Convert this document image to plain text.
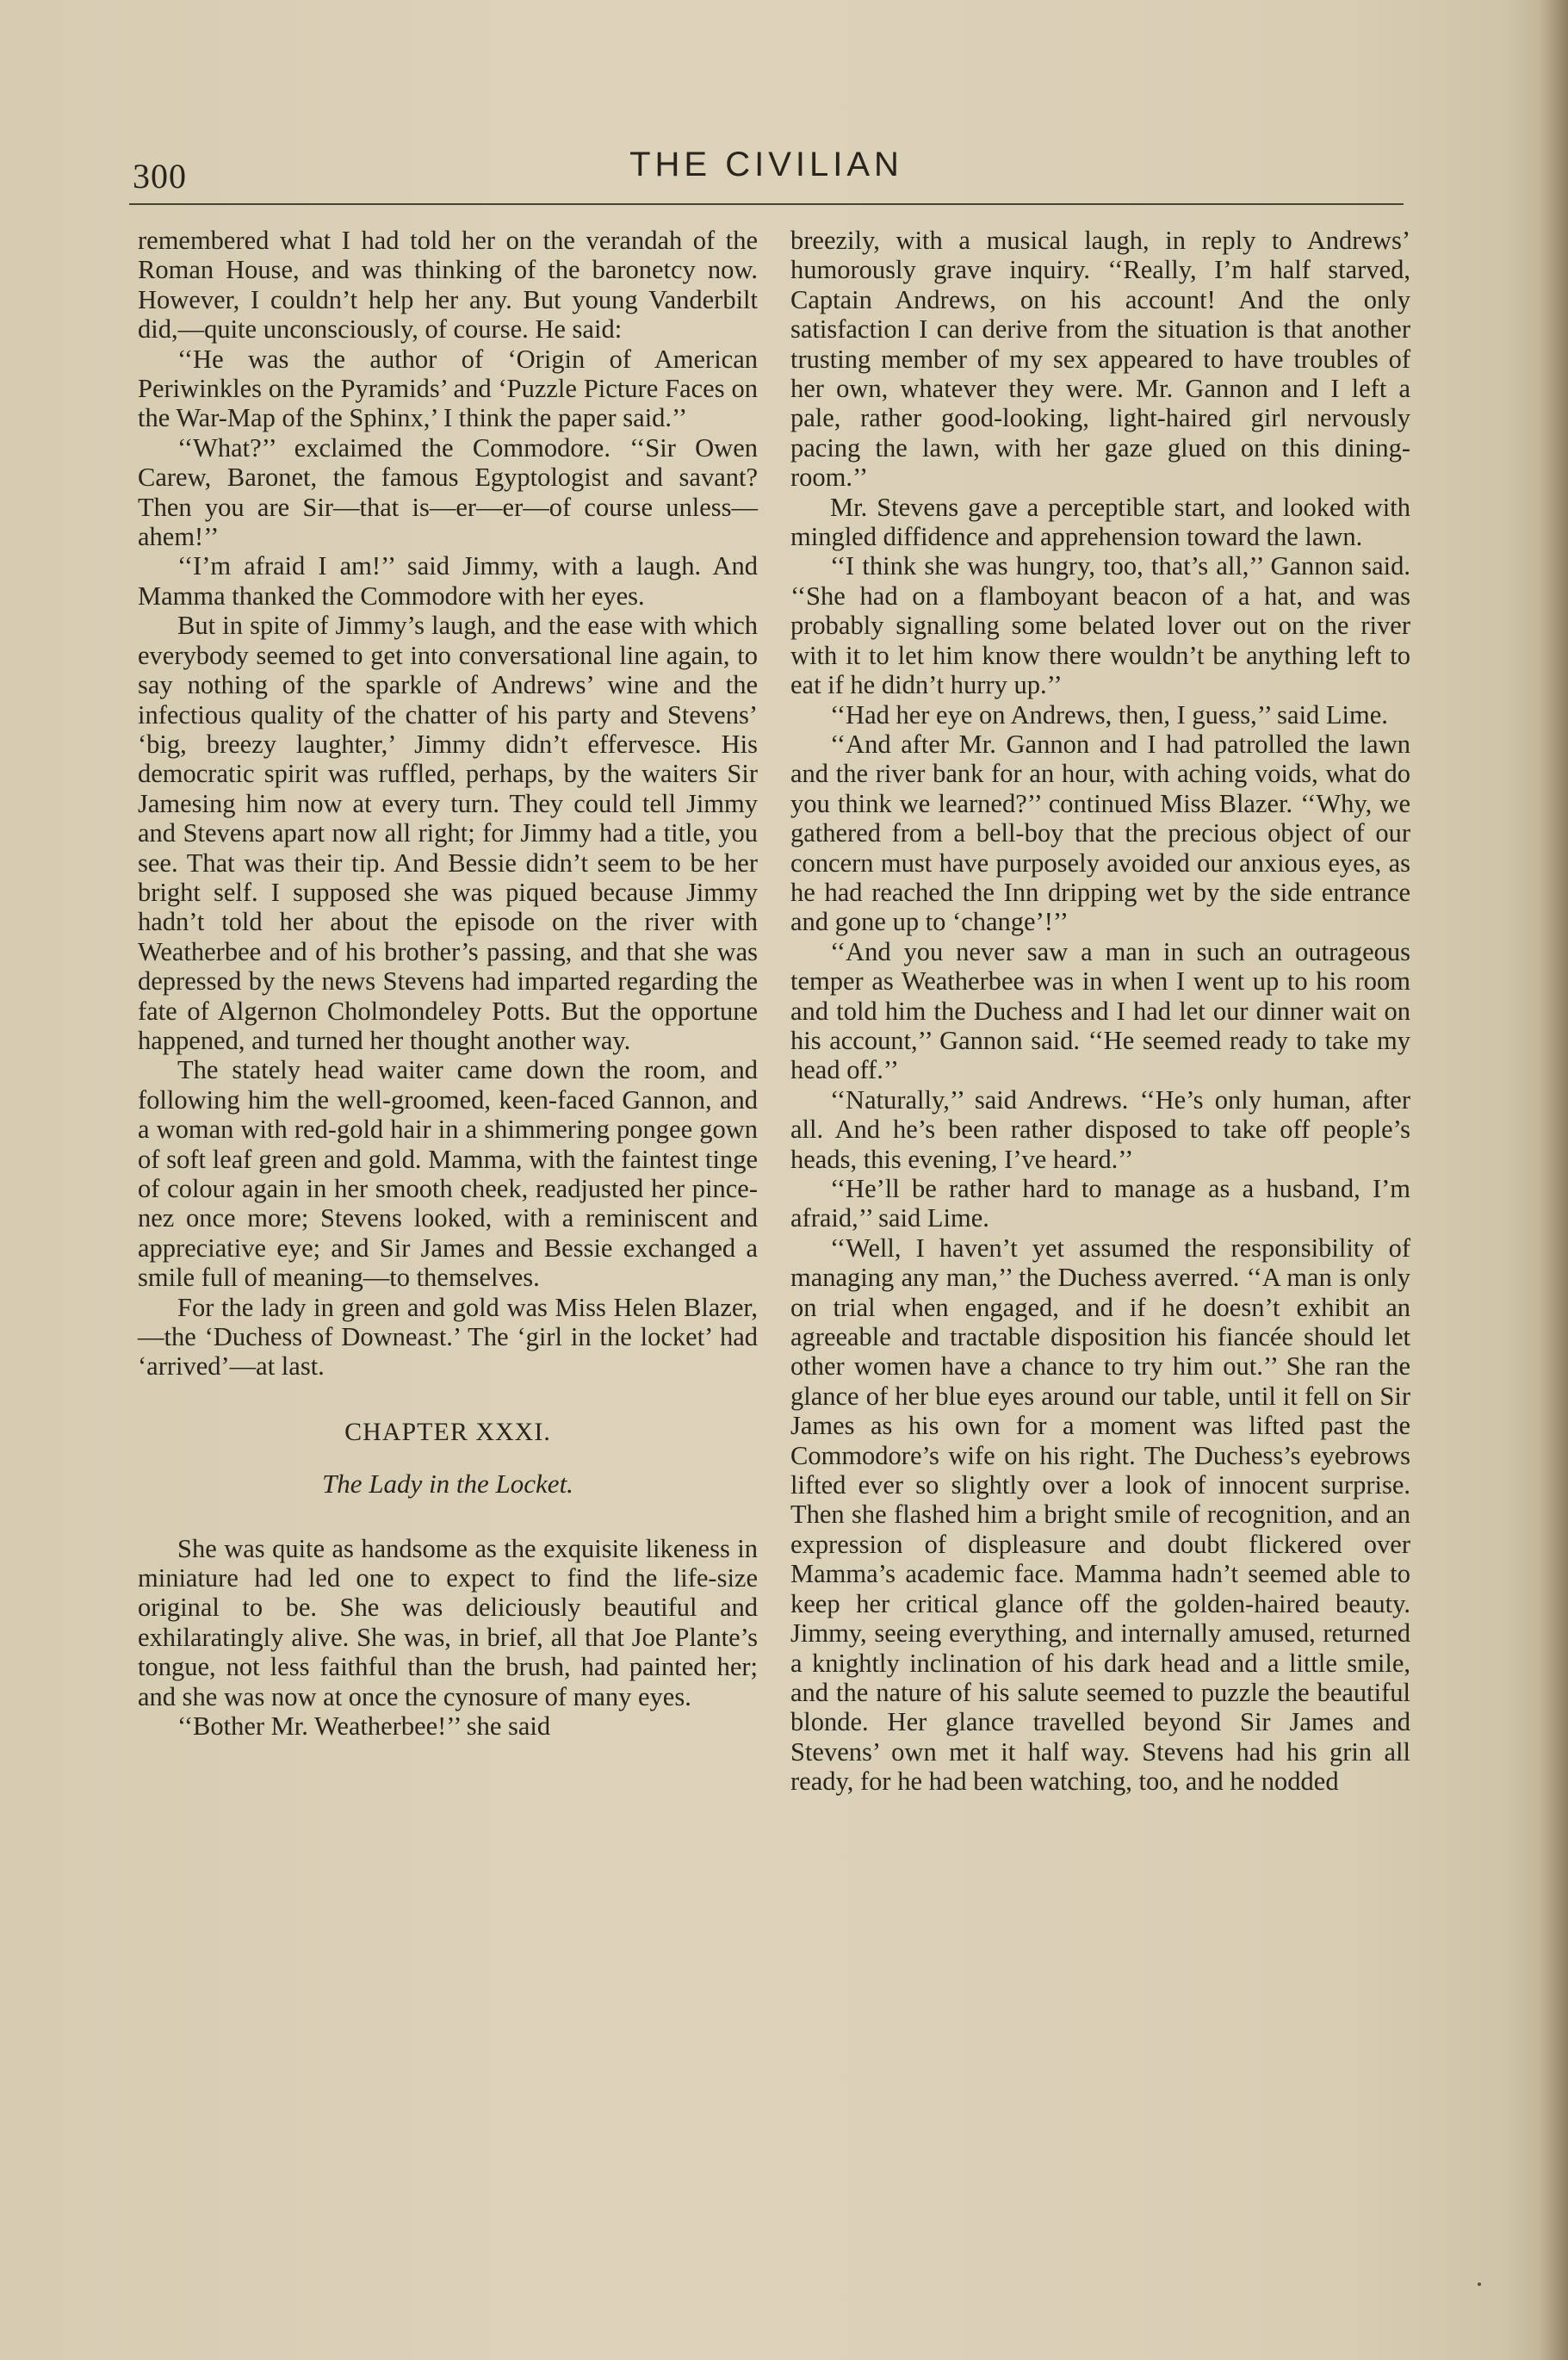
300	THE CIVILIAN

remembered what I had told her on the verandah of the Roman House, and was thinking of the baronetcy now. However, I couldn’t help her any. But young Vanderbilt did,—quite unconsciously, of course. He said:

‘‘He was the author of ‘Origin of American Periwinkles on the Pyramids’ and ‘Puzzle Picture Faces on the War-Map of the Sphinx,’ I think the paper said.’’

‘‘What?’’ exclaimed the Commodore. ‘‘Sir Owen Carew, Baronet, the famous Egyptologist and savant? Then you are Sir—that is—er—er—of course unless—ahem!’’

‘‘I’m afraid I am!’’ said Jimmy, with a laugh. And Mamma thanked the Commodore with her eyes.

But in spite of Jimmy’s laugh, and the ease with which everybody seemed to get into conversational line again, to say nothing of the sparkle of Andrews’ wine and the infectious quality of the chatter of his party and Stevens’ ‘big, breezy laughter,’ Jimmy didn’t effervesce. His democratic spirit was ruffled, perhaps, by the waiters Sir Jamesing him now at every turn. They could tell Jimmy and Stevens apart now all right; for Jimmy had a title, you see. That was their tip. And Bessie didn’t seem to be her bright self. I supposed she was piqued because Jimmy hadn’t told her about the episode on the river with Weatherbee and of his brother’s passing, and that she was depressed by the news Stevens had imparted regarding the fate of Algernon Cholmondeley Potts. But the opportune happened, and turned her thought another way.

The stately head waiter came down the room, and following him the well-groomed, keen-faced Gannon, and a woman with red-gold hair in a shimmering pongee gown of soft leaf green and gold. Mamma, with the faintest tinge of colour again in her smooth cheek, readjusted her pince-nez once more; Stevens looked, with a reminiscent and appreciative eye; and Sir James and Bessie exchanged a smile full of meaning—to themselves.

For the lady in green and gold was Miss Helen Blazer,—the ‘Duchess of Downeast.’ The ‘girl in the locket’ had ‘arrived’—at last.

CHAPTER XXXI.
The Lady in the Locket.

She was quite as handsome as the exquisite likeness in miniature had led one to expect to find the life-size original to be. She was deliciously beautiful and exhilaratingly alive. She was, in brief, all that Joe Plante’s tongue, not less faithful than the brush, had painted her; and she was now at once the cynosure of many eyes.

‘‘Bother Mr. Weatherbee!’’ she said

breezily, with a musical laugh, in reply to Andrews’ humorously grave inquiry. ‘‘Really, I’m half starved, Captain Andrews, on his account! And the only satisfaction I can derive from the situation is that another trusting member of my sex appeared to have troubles of her own, whatever they were. Mr. Gannon and I left a pale, rather good-looking, light-haired girl nervously pacing the lawn, with her gaze glued on this dining-room.’’

Mr. Stevens gave a perceptible start, and looked with mingled diffidence and apprehension toward the lawn.

‘‘I think she was hungry, too, that’s all,’’ Gannon said. ‘‘She had on a flamboyant beacon of a hat, and was probably signalling some belated lover out on the river with it to let him know there wouldn’t be anything left to eat if he didn’t hurry up.’’

‘‘Had her eye on Andrews, then, I guess,’’ said Lime.

‘‘And after Mr. Gannon and I had patrolled the lawn and the river bank for an hour, with aching voids, what do you think we learned?’’ continued Miss Blazer. ‘‘Why, we gathered from a bell-boy that the precious object of our concern must have purposely avoided our anxious eyes, as he had reached the Inn dripping wet by the side entrance and gone up to ‘change’!’’

‘‘And you never saw a man in such an outrageous temper as Weatherbee was in when I went up to his room and told him the Duchess and I had let our dinner wait on his account,’’ Gannon said. ‘‘He seemed ready to take my head off.’’

‘‘Naturally,’’ said Andrews. ‘‘He’s only human, after all. And he’s been rather disposed to take off people’s heads, this evening, I’ve heard.’’

‘‘He’ll be rather hard to manage as a husband, I’m afraid,’’ said Lime.

‘‘Well, I haven’t yet assumed the responsibility of managing any man,’’ the Duchess averred. ‘‘A man is only on trial when engaged, and if he doesn’t exhibit an agreeable and tractable disposition his fiancée should let other women have a chance to try him out.’’ She ran the glance of her blue eyes around our table, until it fell on Sir James as his own for a moment was lifted past the Commodore’s wife on his right. The Duchess’s eyebrows lifted ever so slightly over a look of innocent surprise. Then she flashed him a bright smile of recognition, and an expression of displeasure and doubt flickered over Mamma’s academic face. Mamma hadn’t seemed able to keep her critical glance off the golden-haired beauty. Jimmy, seeing everything, and internally amused, returned a knightly inclination of his dark head and a little smile, and the nature of his salute seemed to puzzle the beautiful blonde. Her glance travelled beyond Sir James and Stevens’ own met it half way. Stevens had his grin all ready, for he had been watching, too, and he nodded
